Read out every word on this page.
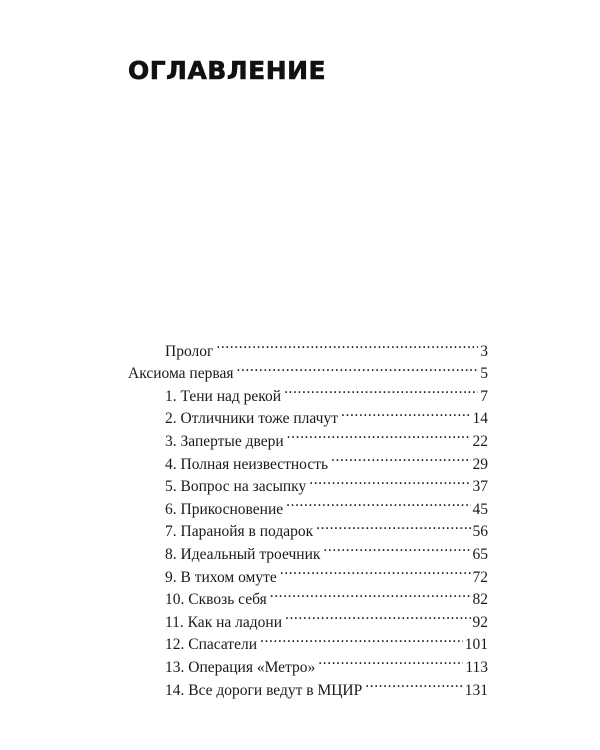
ОГЛАВЛЕНИЕ
Пролог .....	3
Аксиома первая .....	5
1. Тени над рекой .....	7
2. Отличники тоже плачут .....	14
3. Запертые двери .....	22
4. Полная неизвестность .....	29
5. Вопрос на засыпку .....	37
6. Прикосновение .....	45
7. Паранойя в подарок .....	56
8. Идеальный троечник .....	65
9. В тихом омуте .....	72
10. Сквозь себя .....	82
11. Как на ладони .....	92
12. Спасатели .....	101
13. Операция «Метро» .....	113
14. Все дороги ведут в МЦИР .....	131
